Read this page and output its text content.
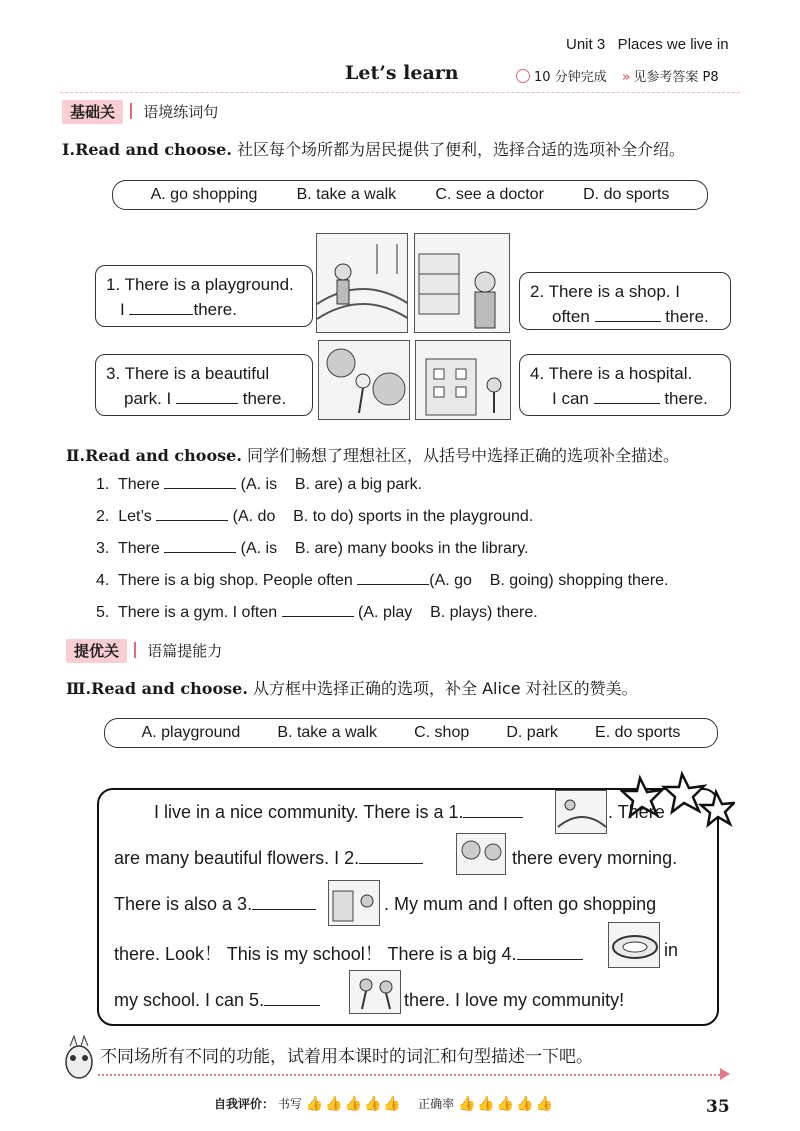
Unit 3   Places we live in
Let’s learn	10 分钟完成 » 见参考答案 P8
基础关 语境练词句
Ⅰ.Read and choose. 社区每个场所都为居民提供了便利，选择合适的选项补全介绍。
A. go shopping B. take a walk C. see a doctor D. do sports
1. There is a playground.
I	there.
2. There is a shop. I
often	there.
3. There is a beautiful
park. I	there.
4. There is a hospital.
I can	there.
Ⅱ.Read and choose. 同学们畅想了理想社区，从括号中选择正确的选项补全描述。
1. There	(A. is    B. are) a big park.
2. Let’s	(A. do    B. to do) sports in the playground.
3. There	(A. is    B. are) many books in the library.
4. There is a big shop. People often	(A. go    B. going) shopping there.
5. There is a gym. I often	(A. play    B. plays) there.
提优关 语篇提能力
Ⅲ.Read and choose. 从方框中选择正确的选项，补全 Alice 对社区的赞美。
A. playground B. take a walk C. shop D. park E. do sports
I live in a nice community. There is a 1.	. There
are many beautiful flowers. I 2.	there every morning.
There is also a 3.	. My mum and I often go shopping
there. Look！ This is my school！ There is a big 4.	in
my school. I can 5.	there. I love my community!
不同场所有不同的功能，试着用本课时的词汇和句型描述一下吧。
自我评价： 书写 👍👍👍👍👍 正确率 👍👍👍👍👍	35
